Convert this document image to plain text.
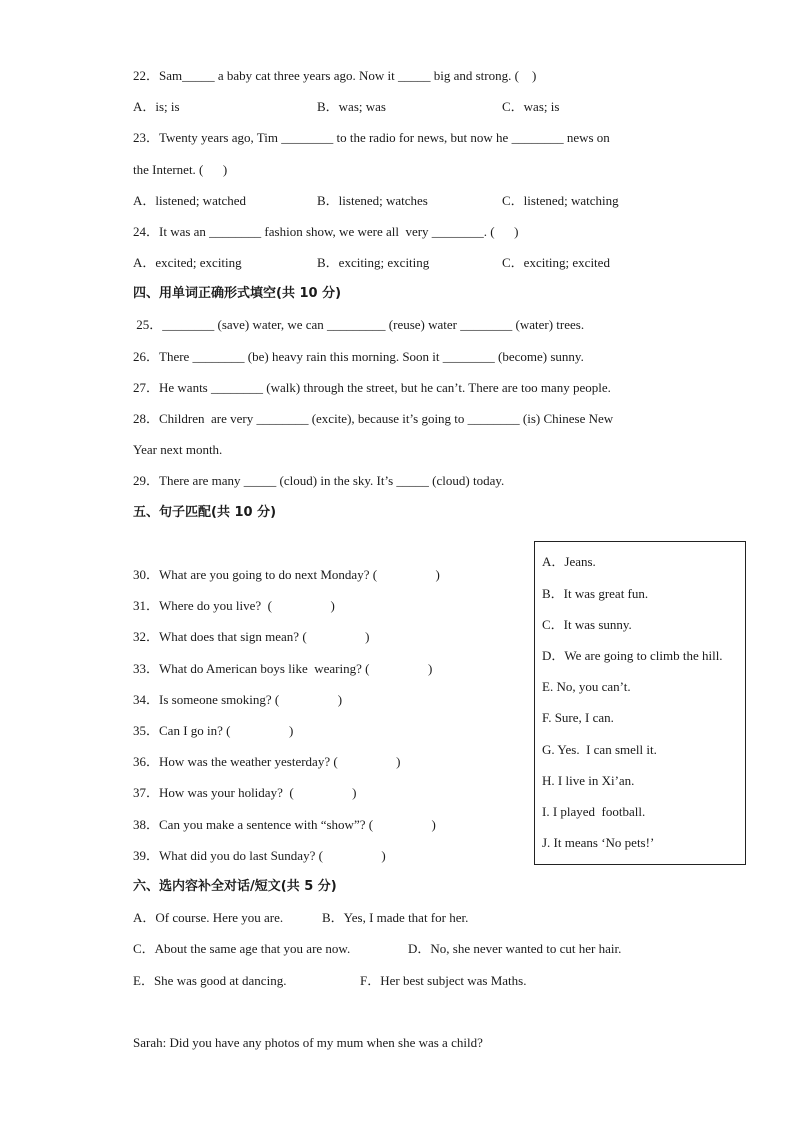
22．Sam_____ a baby cat three years ago. Now it _____ big and strong. (    )
A．is; is	B．was; was	C．was; is
23．Twenty years ago, Tim ________ to the radio for news, but now he ________ news on
the Internet. (      )
A．listened; watched	B．listened; watches	C．listened; watching
24．It was an ________ fashion show, we were all  very ________. (      )
A．excited; exciting	B．exciting; exciting	C．exciting; excited
四、用单词正确形式填空(共 10 分)
25．________ (save) water, we can _________ (reuse) water ________ (water) trees.
26．There ________ (be) heavy rain this morning. Soon it ________ (become) sunny.
27．He wants ________ (walk) through the street, but he can’t. There are too many people.
28．Children  are very ________ (excite), because it’s going to ________ (is) Chinese New
Year next month.
29．There are many _____ (cloud) in the sky. It’s _____ (cloud) today.
五、句子匹配(共 10 分)
30．What are you going to do next Monday? (                  )
31．Where do you live?  (                  )
32．What does that sign mean? (                  )
33．What do American boys like  wearing? (                  )
34．Is someone smoking? (                  )
35．Can I go in? (                  )
36．How was the weather yesterday? (                  )
37．How was your holiday?  (                  )
38．Can you make a sentence with “show”? (                  )
39．What did you do last Sunday? (                  )
A．Jeans.
B．It was great fun.
C．It was sunny.
D．We are going to climb the hill.
E. No, you can’t.
F. Sure, I can.
G. Yes.  I can smell it.
H. I live in Xi’an.
I. I played  football.
J. It means ‘No pets!’
六、选内容补全对话/短文(共 5 分)
A．Of course. Here you are.	B．Yes, I made that for her.
C．About the same age that you are now.	D．No, she never wanted to cut her hair.
E．She was good at dancing.	F．Her best subject was Maths.
Sarah: Did you have any photos of my mum when she was a child?
